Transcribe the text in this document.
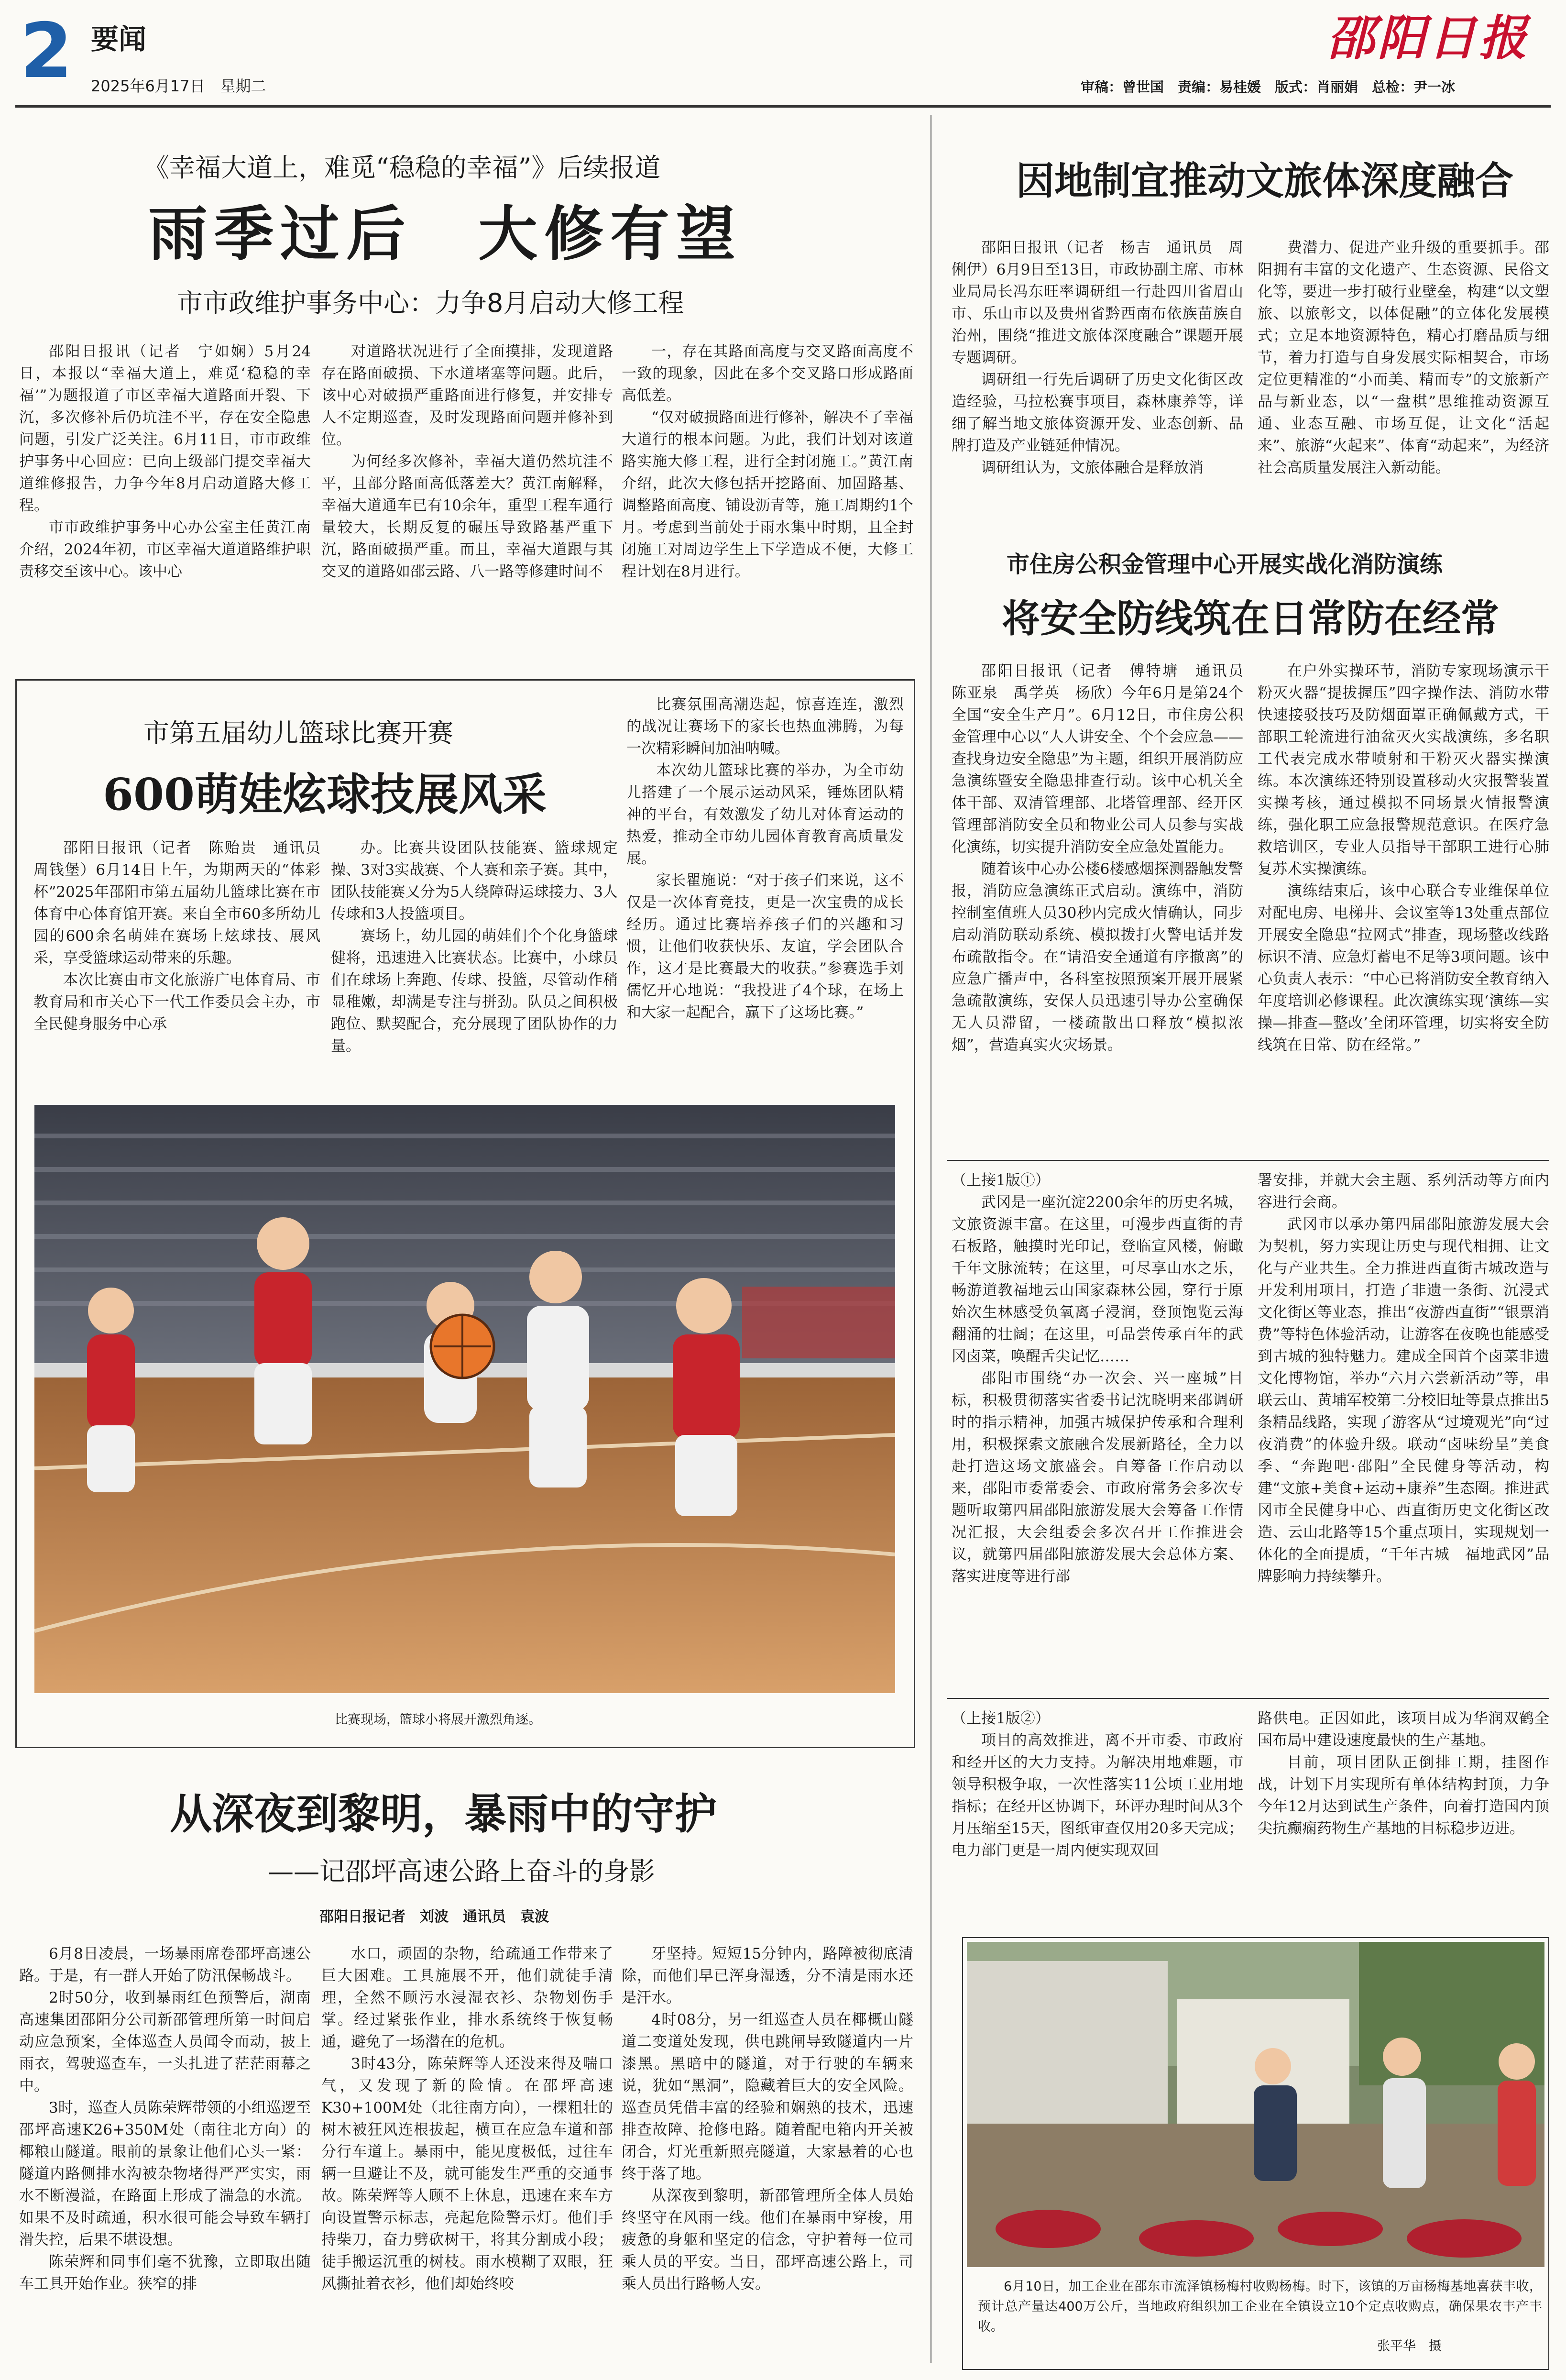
2 要闻
2025年6月17日　星期二
邵阳日报
审稿：曾世国　责编：易桂媛　版式：肖丽娟　总检：尹一冰
《幸福大道上，难觅“稳稳的幸福”》后续报道
雨季过后　大修有望
市市政维护事务中心：力争8月启动大修工程
邵阳日报讯（记者　宁如娴）5月24日，本报以“幸福大道上，难觅‘稳稳的幸福’”为题报道了市区幸福大道路面开裂、下沉，多次修补后仍坑洼不平，存在安全隐患问题，引发广泛关注。6月11日，市市政维护事务中心回应：已向上级部门提交幸福大道维修报告，力争今年8月启动道路大修工程。
市市政维护事务中心办公室主任黄江南介绍，2024年初，市区幸福大道道路维护职责移交至该中心。该中心
对道路状况进行了全面摸排，发现道路存在路面破损、下水道堵塞等问题。此后，该中心对破损严重路面进行修复，并安排专人不定期巡查，及时发现路面问题并修补到位。
为何经多次修补，幸福大道仍然坑洼不平，且部分路面高低落差大？黄江南解释，幸福大道通车已有10余年，重型工程车通行量较大，长期反复的碾压导致路基严重下沉，路面破损严重。而且，幸福大道跟与其交叉的道路如邵云路、八一路等修建时间不
一，存在其路面高度与交叉路面高度不一致的现象，因此在多个交叉路口形成路面高低差。
“仅对破损路面进行修补，解决不了幸福大道行的根本问题。为此，我们计划对该道路实施大修工程，进行全封闭施工。”黄江南介绍，此次大修包括开挖路面、加固路基、调整路面高度、铺设沥青等，施工周期约1个月。考虑到当前处于雨水集中时期，且全封闭施工对周边学生上下学造成不便，大修工程计划在8月进行。
市第五届幼儿篮球比赛开赛
600萌娃炫球技展风采
邵阳日报讯（记者　陈贻贵　通讯员　周钱堡）6月14日上午，为期两天的“体彩杯”2025年邵阳市第五届幼儿篮球比赛在市体育中心体育馆开赛。来自全市60多所幼儿园的600余名萌娃在赛场上炫球技、展风采，享受篮球运动带来的乐趣。
本次比赛由市文化旅游广电体育局、市教育局和市关心下一代工作委员会主办，市全民健身服务中心承
办。比赛共设团队技能赛、篮球规定操、3对3实战赛、个人赛和亲子赛。其中，团队技能赛又分为5人绕障碍运球接力、3人传球和3人投篮项目。
赛场上，幼儿园的萌娃们个个化身篮球健将，迅速进入比赛状态。比赛中，小球员们在球场上奔跑、传球、投篮，尽管动作稍显稚嫩，却满是专注与拼劲。队员之间积极跑位、默契配合，充分展现了团队协作的力量。
比赛氛围高潮迭起，惊喜连连，激烈的战况让赛场下的家长也热血沸腾，为每一次精彩瞬间加油呐喊。
本次幼儿篮球比赛的举办，为全市幼儿搭建了一个展示运动风采，锤炼团队精神的平台，有效激发了幼儿对体育运动的热爱，推动全市幼儿园体育教育高质量发展。
家长瞿施说：“对于孩子们来说，这不仅是一次体育竞技，更是一次宝贵的成长经历。通过比赛培养孩子们的兴趣和习惯，让他们收获快乐、友谊，学会团队合作，这才是比赛最大的收获。”参赛选手刘儒忆开心地说：“我投进了4个球，在场上和大家一起配合，赢下了这场比赛。”
比赛现场，篮球小将展开激烈角逐。
从深夜到黎明，暴雨中的守护
——记邵坪高速公路上奋斗的身影
邵阳日报记者　刘波　通讯员　袁波
6月8日凌晨，一场暴雨席卷邵坪高速公路。于是，有一群人开始了防汛保畅战斗。
2时50分，收到暴雨红色预警后，湖南高速集团邵阳分公司新邵管理所第一时间启动应急预案，全体巡查人员闻令而动，披上雨衣，驾驶巡查车，一头扎进了茫茫雨幕之中。
3时，巡查人员陈荣辉带领的小组巡逻至邵坪高速K26+350M处（南往北方向）的椰粮山隧道。眼前的景象让他们心头一紧：隧道内路侧排水沟被杂物堵得严严实实，雨水不断漫溢，在路面上形成了湍急的水流。如果不及时疏通，积水很可能会导致车辆打滑失控，后果不堪设想。
陈荣辉和同事们毫不犹豫，立即取出随车工具开始作业。狭窄的排
水口，顽固的杂物，给疏通工作带来了巨大困难。工具施展不开，他们就徒手清理，全然不顾污水浸湿衣衫、杂物划伤手掌。经过紧张作业，排水系统终于恢复畅通，避免了一场潜在的危机。
3时43分，陈荣辉等人还没来得及喘口气，又发现了新的险情。在邵坪高速K30+100M处（北往南方向），一棵粗壮的树木被狂风连根拔起，横亘在应急车道和部分行车道上。暴雨中，能见度极低，过往车辆一旦避让不及，就可能发生严重的交通事故。陈荣辉等人顾不上休息，迅速在来车方向设置警示标志，亮起危险警示灯。他们手持柴刀，奋力劈砍树干，将其分割成小段；徒手搬运沉重的树枝。雨水模糊了双眼，狂风撕扯着衣衫，他们却始终咬
牙坚持。短短15分钟内，路障被彻底清除，而他们早已浑身湿透，分不清是雨水还是汗水。
4时08分，另一组巡查人员在椰概山隧道二变道处发现，供电跳闸导致隧道内一片漆黑。黑暗中的隧道，对于行驶的车辆来说，犹如“黑洞”，隐藏着巨大的安全风险。巡查员凭借丰富的经验和娴熟的技术，迅速排查故障、抢修电路。随着配电箱内开关被闭合，灯光重新照亮隧道，大家悬着的心也终于落了地。
从深夜到黎明，新邵管理所全体人员始终坚守在风雨一线。他们在暴雨中穿梭，用疲惫的身躯和坚定的信念，守护着每一位司乘人员的平安。当日，邵坪高速公路上，司乘人员出行路畅人安。
因地制宜推动文旅体深度融合
邵阳日报讯（记者　杨吉　通讯员　周俐伊）6月9日至13日，市政协副主席、市林业局局长冯东旺率调研组一行赴四川省眉山市、乐山市以及贵州省黔西南布依族苗族自治州，围绕“推进文旅体深度融合”课题开展专题调研。
调研组一行先后调研了历史文化街区改造经验，马拉松赛事项目，森林康养等，详细了解当地文旅体资源开发、业态创新、品牌打造及产业链延伸情况。
调研组认为，文旅体融合是释放消
费潜力、促进产业升级的重要抓手。邵阳拥有丰富的文化遗产、生态资源、民俗文化等，要进一步打破行业壁垒，构建“以文塑旅、以旅彰文，以体促融”的立体化发展模式；立足本地资源特色，精心打磨品质与细节，着力打造与自身发展实际相契合，市场定位更精准的“小而美、精而专”的文旅新产品与新业态，以“一盘棋”思维推动资源互通、业态互融、市场互促，让文化“活起来”、旅游“火起来”、体育“动起来”，为经济社会高质量发展注入新动能。
市住房公积金管理中心开展实战化消防演练
将安全防线筑在日常防在经常
邵阳日报讯（记者　傅特塘　通讯员　陈亚泉　禹学英　杨欣）今年6月是第24个全国“安全生产月”。6月12日，市住房公积金管理中心以“人人讲安全、个个会应急——查找身边安全隐患”为主题，组织开展消防应急演练暨安全隐患排查行动。该中心机关全体干部、双清管理部、北塔管理部、经开区管理部消防安全员和物业公司人员参与实战化演练，切实提升消防安全应急处置能力。
随着该中心办公楼6楼感烟探测器触发警报，消防应急演练正式启动。演练中，消防控制室值班人员30秒内完成火情确认，同步启动消防联动系统、模拟拨打火警电话并发布疏散指令。在“请沿安全通道有序撤离”的应急广播声中，各科室按照预案开展开展紧急疏散演练，安保人员迅速引导办公室确保无人员滞留，一楼疏散出口释放“模拟浓烟”，营造真实火灾场景。
在户外实操环节，消防专家现场演示干粉灭火器“提拔握压”四字操作法、消防水带快速接驳技巧及防烟面罩正确佩戴方式，干部职工轮流进行油盆灭火实战演练，多名职工代表完成水带喷射和干粉灭火器实操演练。本次演练还特别设置移动火灾报警装置实操考核，通过模拟不同场景火情报警演练，强化职工应急报警规范意识。在医疗急救培训区，专业人员指导干部职工进行心肺复苏术实操演练。
演练结束后，该中心联合专业维保单位对配电房、电梯井、会议室等13处重点部位开展安全隐患“拉网式”排查，现场整改线路标识不清、应急灯蓄电不足等3项问题。该中心负责人表示：“中心已将消防安全教育纳入年度培训必修课程。此次演练实现‘演练—实操—排查—整改’全闭环管理，切实将安全防线筑在日常、防在经常。”
（上接1版①）
武冈是一座沉淀2200余年的历史名城，文旅资源丰富。在这里，可漫步西直街的青石板路，触摸时光印记，登临宣风楼，俯瞰千年文脉流转；在这里，可尽享山水之乐，畅游道教福地云山国家森林公园，穿行于原始次生林感受负氧离子浸润，登顶饱览云海翻涌的壮阔；在这里，可品尝传承百年的武冈卤菜，唤醒舌尖记忆……
邵阳市围绕“办一次会、兴一座城”目标，积极贯彻落实省委书记沈晓明来邵调研时的指示精神，加强古城保护传承和合理利用，积极探索文旅融合发展新路径，全力以赴打造这场文旅盛会。自筹备工作启动以来，邵阳市委常委会、市政府常务会多次专题听取第四届邵阳旅游发展大会筹备工作情况汇报，大会组委会多次召开工作推进会议，就第四届邵阳旅游发展大会总体方案、落实进度等进行部
署安排，并就大会主题、系列活动等方面内容进行会商。
武冈市以承办第四届邵阳旅游发展大会为契机，努力实现让历史与现代相拥、让文化与产业共生。全力推进西直街古城改造与开发利用项目，打造了非遗一条街、沉浸式文化街区等业态，推出“夜游西直街”“银票消费”等特色体验活动，让游客在夜晚也能感受到古城的独特魅力。建成全国首个卤菜非遗文化博物馆，举办“六月六尝新活动”等，串联云山、黄埔军校第二分校旧址等景点推出5条精品线路，实现了游客从“过境观光”向“过夜消费”的体验升级。联动“卤味纷呈”美食季、“奔跑吧·邵阳”全民健身等活动，构建“文旅+美食+运动+康养”生态圈。推进武冈市全民健身中心、西直街历史文化街区改造、云山北路等15个重点项目，实现规划一体化的全面提质，“千年古城　福地武冈”品牌影响力持续攀升。
（上接1版②）
项目的高效推进，离不开市委、市政府和经开区的大力支持。为解决用地难题，市领导积极争取，一次性落实11公顷工业用地指标；在经开区协调下，环评办理时间从3个月压缩至15天，图纸审查仅用20多天完成；电力部门更是一周内便实现双回
路供电。正因如此，该项目成为华润双鹤全国布局中建设速度最快的生产基地。
目前，项目团队正倒排工期，挂图作战，计划下月实现所有单体结构封顶，力争今年12月达到试生产条件，向着打造国内顶尖抗癫痫药物生产基地的目标稳步迈进。
6月10日，加工企业在邵东市流泽镇杨梅村收购杨梅。时下，该镇的万亩杨梅基地喜获丰收，预计总产量达400万公斤，当地政府组织加工企业在全镇设立10个定点收购点，确保果农丰产丰收。
张平华　摄
